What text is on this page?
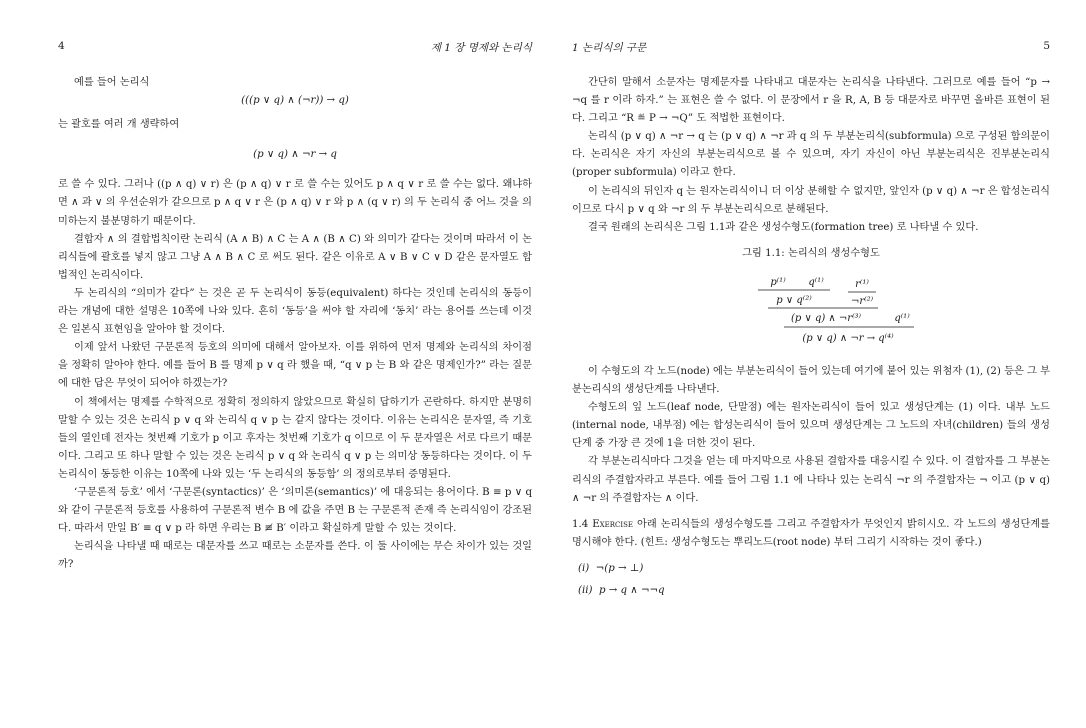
4	제 1 장 명제와 논리식

예를 들어 논리식

(((p ∨ q) ∧ (¬r)) → q)

는 괄호를 여러 개 생략하여

(p ∨ q) ∧ ¬r → q

로 쓸 수 있다. 그러나 ((p ∧ q) ∨ r) 은 (p ∧ q) ∨ r 로 쓸 수는 있어도 p ∧ q ∨ r 로 쓸 수는 없다. 왜냐하면 ∧ 과 ∨ 의 우선순위가 같으므로 p ∧ q ∨ r 은 (p ∧ q) ∨ r 와 p ∧ (q ∨ r) 의 두 논리식 중 어느 것을 의미하는지 불분명하기 때문이다.

결합자 ∧ 의 결합법칙이란 논리식 (A ∧ B) ∧ C 는 A ∧ (B ∧ C) 와 의미가 같다는 것이며 따라서 이 논리식들에 괄호를 넣지 않고 그냥 A ∧ B ∧ C 로 써도 된다. 같은 이유로 A ∨ B ∨ C ∨ D 같은 문자열도 합법적인 논리식이다.

두 논리식의 “의미가 같다” 는 것은 곧 두 논리식이 동등(equivalent) 하다는 것인데 논리식의 동등이라는 개념에 대한 설명은 10쪽에 나와 있다. 흔히 ‘동등’을 써야 할 자리에 ‘동치’ 라는 용어를 쓰는데 이것은 일본식 표현임을 알아야 할 것이다.

이제 앞서 나왔던 구문론적 등호의 의미에 대해서 알아보자. 이를 위하여 먼저 명제와 논리식의 차이점을 정확히 알아야 한다. 예를 들어 B 를 명제 p ∨ q 라 했을 때, “q ∨ p 는 B 와 같은 명제인가?” 라는 질문에 대한 답은 무엇이 되어야 하겠는가?

이 책에서는 명제를 수학적으로 정확히 정의하지 않았으므로 확실히 답하기가 곤란하다. 하지만 분명히 말할 수 있는 것은 논리식 p ∨ q 와 논리식 q ∨ p 는 같지 않다는 것이다. 이유는 논리식은 문자열, 즉 기호들의 열인데 전자는 첫번째 기호가 p 이고 후자는 첫번째 기호가 q 이므로 이 두 문자열은 서로 다르기 때문이다. 그리고 또 하나 말할 수 있는 것은 논리식 p ∨ q 와 논리식 q ∨ p 는 의미상 동등하다는 것이다. 이 두 논리식이 동등한 이유는 10쪽에 나와 있는 ‘두 논리식의 동등함’ 의 정의로부터 증명된다.

‘구문론적 등호’ 에서 ‘구문론(syntactics)’ 은 ‘의미론(semantics)’ 에 대응되는 용어이다. B ≡ p ∨ q 와 같이 구문론적 등호를 사용하여 구문론적 변수 B 에 값을 주면 B 는 구문론적 존재 즉 논리식임이 강조된다. 따라서 만일 B′ ≡ q ∨ p 라 하면 우리는 B ≢ B′ 이라고 확실하게 말할 수 있는 것이다.

논리식을 나타낼 때 때로는 대문자를 쓰고 때로는 소문자를 쓴다. 이 둘 사이에는 무슨 차이가 있는 것일까?

1 논리식의 구문	5

간단히 말해서 소문자는 명제문자를 나타내고 대문자는 논리식을 나타낸다. 그러므로 예를 들어 “p → ¬q 를 r 이라 하자.” 는 표현은 쓸 수 없다. 이 문장에서 r 을 R, A, B 등 대문자로 바꾸면 올바른 표현이 된다. 그리고 “R ≝ P → ¬Q” 도 적법한 표현이다.

논리식 (p ∨ q) ∧ ¬r → q 는 (p ∨ q) ∧ ¬r 과 q 의 두 부분논리식(subformula) 으로 구성된 함의문이다. 논리식은 자기 자신의 부분논리식으로 볼 수 있으며, 자기 자신이 아닌 부분논리식은 진부분논리식(proper subformula) 이라고 한다.

이 논리식의 뒤인자 q 는 원자논리식이니 더 이상 분해할 수 없지만, 앞인자 (p ∨ q) ∧ ¬r 은 합성논리식이므로 다시 p ∨ q 와 ¬r 의 두 부분논리식으로 분해된다.

결국 원래의 논리식은 그림 1.1과 같은 생성수형도(formation tree) 로 나타낼 수 있다.

그림 1.1: 논리식의 생성수형도

p⁽¹⁾ q⁽¹⁾	r⁽¹⁾
p ∨ q⁽²⁾	¬r⁽²⁾
(p ∨ q) ∧ ¬r⁽³⁾	q⁽¹⁾
(p ∨ q) ∧ ¬r → q⁽⁴⁾

이 수형도의 각 노드(node) 에는 부분논리식이 들어 있는데 여기에 붙어 있는 위첨자 (1), (2) 등은 그 부분논리식의 생성단계를 나타낸다.

수형도의 잎 노드(leaf node, 단말점) 에는 원자논리식이 들어 있고 생성단계는 (1) 이다. 내부 노드(internal node, 내부점) 에는 합성논리식이 들어 있으며 생성단계는 그 노드의 자녀(children) 들의 생성단계 중 가장 큰 것에 1을 더한 것이 된다.

각 부분논리식마다 그것을 얻는 데 마지막으로 사용된 결합자를 대응시킬 수 있다. 이 결합자를 그 부분논리식의 주결합자라고 부른다. 예를 들어 그림 1.1 에 나타나 있는 논리식 ¬r 의 주결합자는 ¬ 이고 (p ∨ q) ∧ ¬r 의 주결합자는 ∧ 이다.

1.4 Exercise 아래 논리식들의 생성수형도를 그리고 주결합자가 무엇인지 밝히시오. 각 노드의 생성단계를 명시해야 한다. (힌트: 생성수형도는 뿌리노드(root node) 부터 그리기 시작하는 것이 좋다.)

(i) ¬(p → ⊥)

(ii) p → q ∧ ¬¬q
